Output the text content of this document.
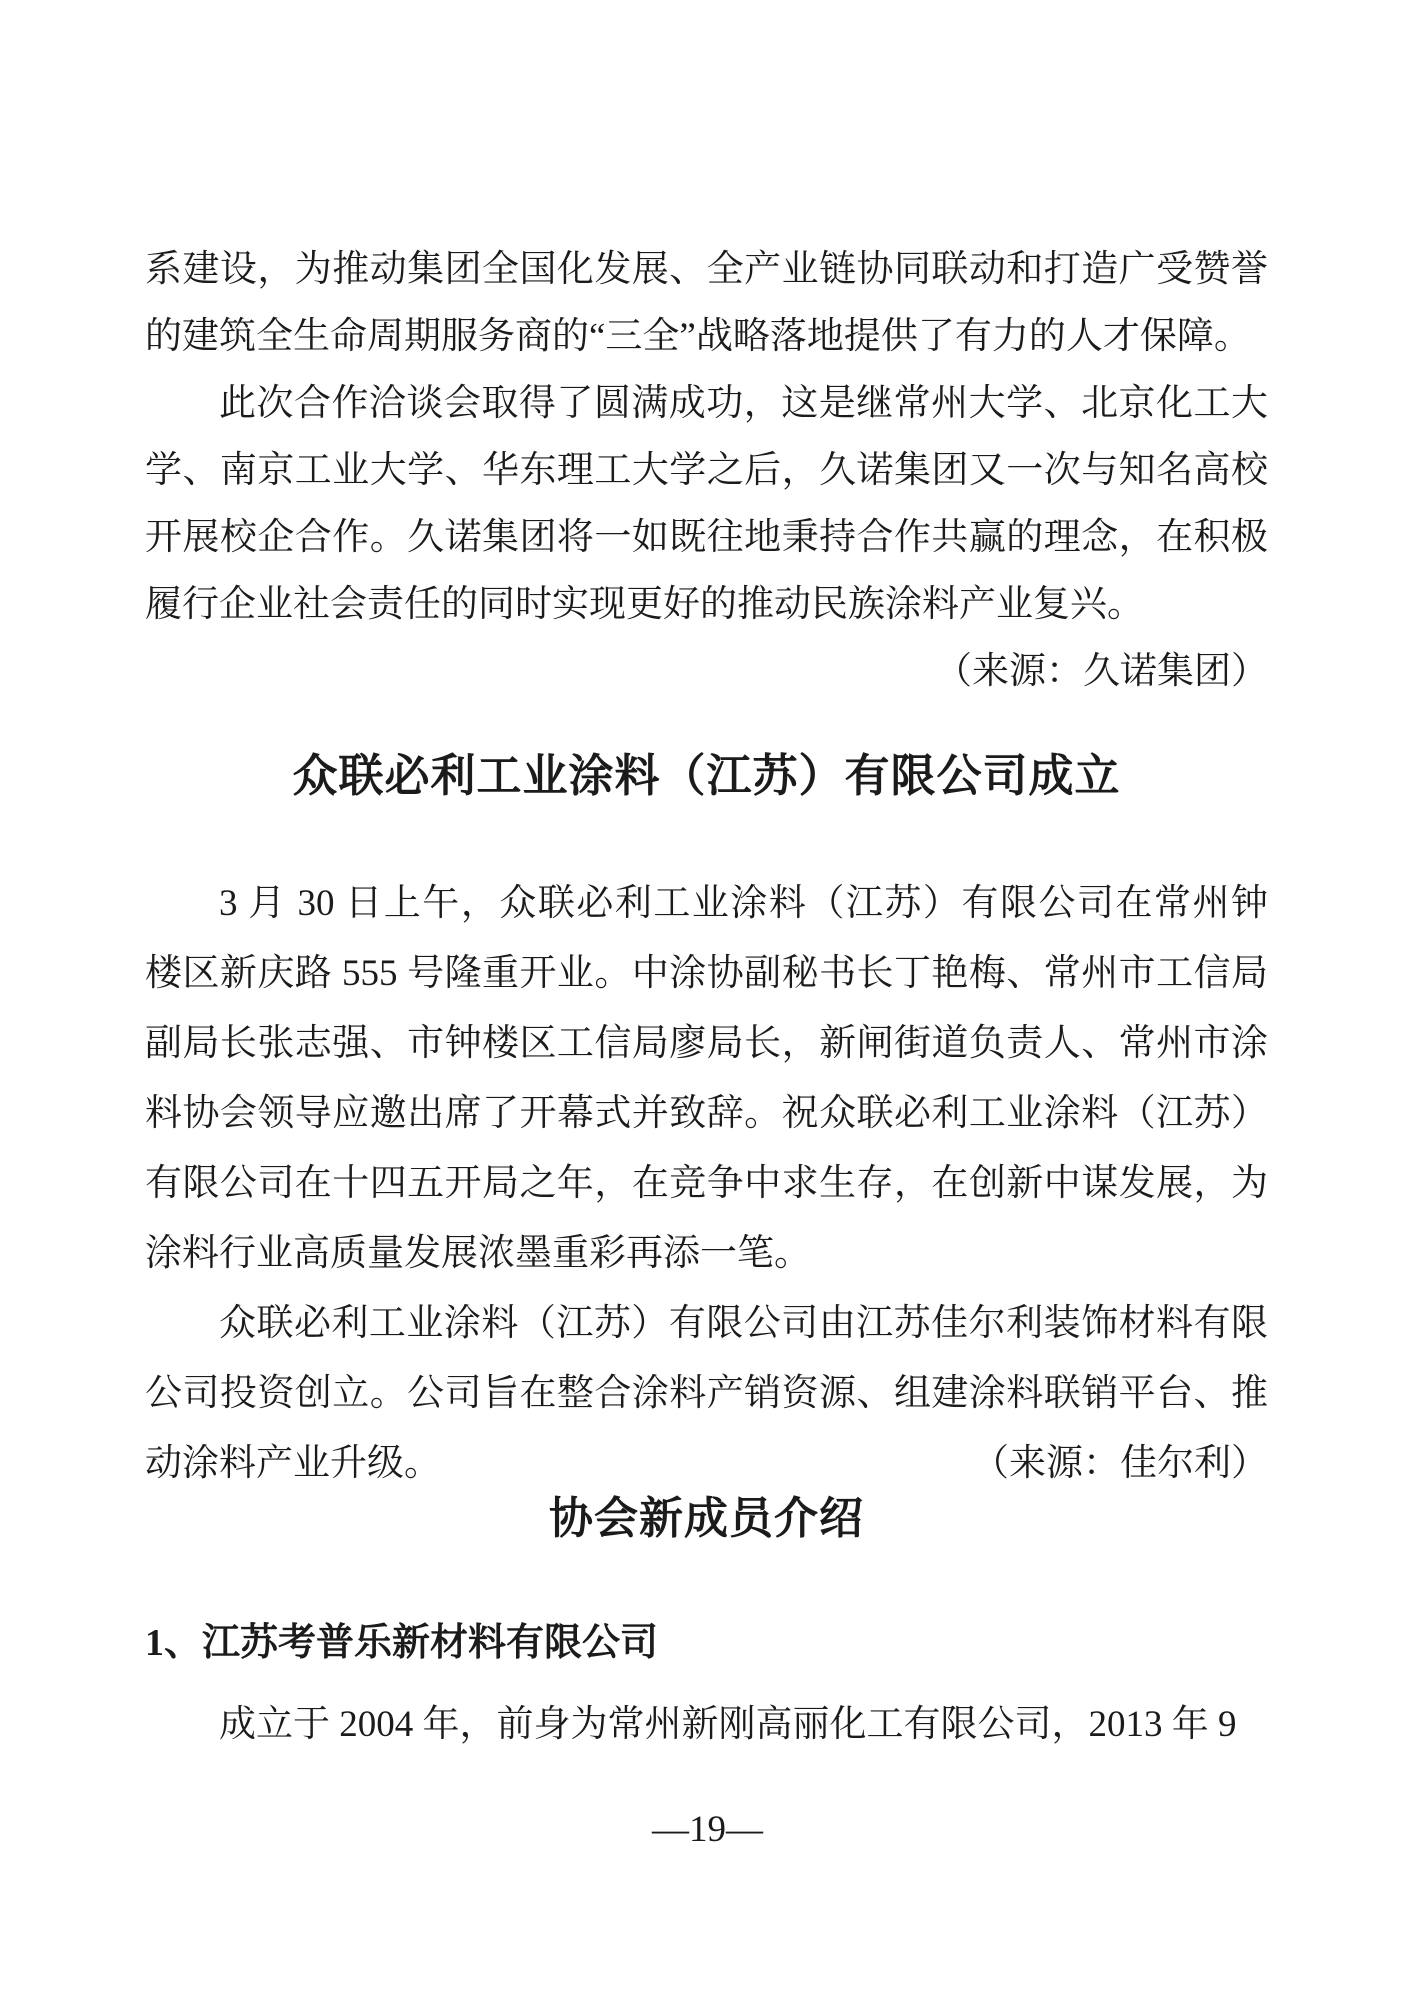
系建设，为推动集团全国化发展、全产业链协同联动和打造广受赞誉
的建筑全生命周期服务商的“三全”战略落地提供了有力的人才保障。
此次合作洽谈会取得了圆满成功，这是继常州大学、北京化工大
学、南京工业大学、华东理工大学之后，久诺集团又一次与知名高校
开展校企合作。久诺集团将一如既往地秉持合作共赢的理念，在积极
履行企业社会责任的同时实现更好的推动民族涂料产业复兴。
（来源：久诺集团）
众联必利工业涂料（江苏）有限公司成立
3 月 30 日上午，众联必利工业涂料（江苏）有限公司在常州钟
楼区新庆路 555 号隆重开业。中涂协副秘书长丁艳梅、常州市工信局
副局长张志强、市钟楼区工信局廖局长，新闸街道负责人、常州市涂
料协会领导应邀出席了开幕式并致辞。祝众联必利工业涂料（江苏）
有限公司在十四五开局之年，在竞争中求生存，在创新中谋发展，为
涂料行业高质量发展浓墨重彩再添一笔。
众联必利工业涂料（江苏）有限公司由江苏佳尔利装饰材料有限
公司投资创立。公司旨在整合涂料产销资源、组建涂料联销平台、推
动涂料产业升级。	（来源：佳尔利）
协会新成员介绍
1、江苏考普乐新材料有限公司
成立于 2004 年，前身为常州新刚高丽化工有限公司，2013 年 9
—19—
